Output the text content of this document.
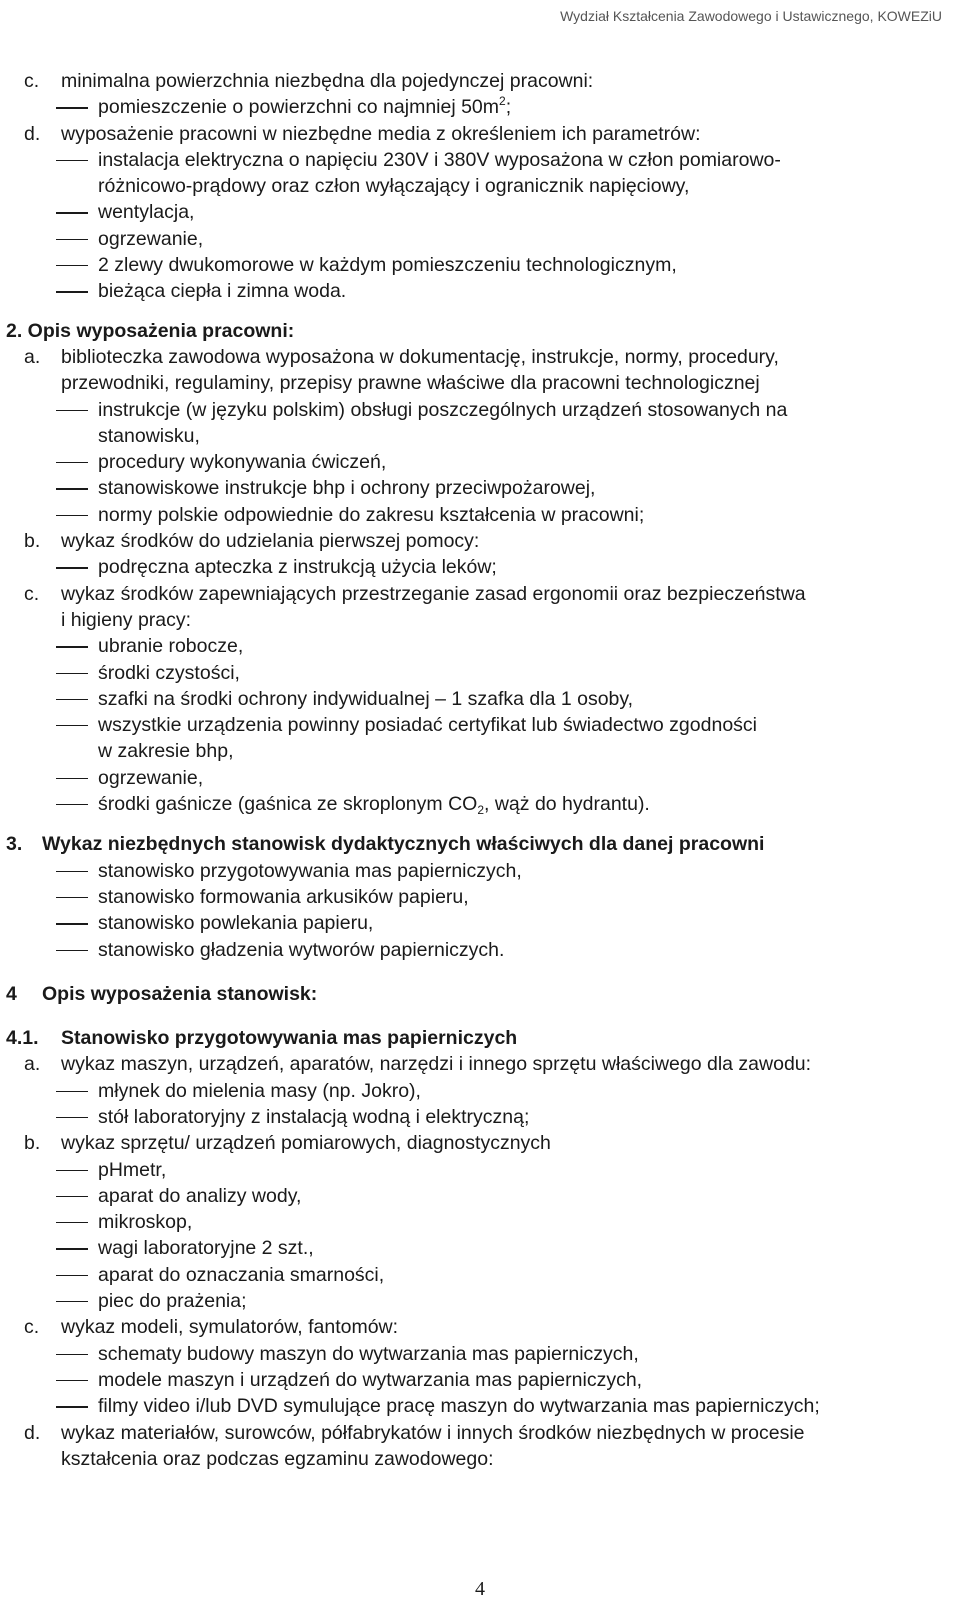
Wydział Kształcenia Zawodowego i Ustawicznego, KOWEZiU
c. minimalna powierzchnia niezbędna dla pojedynczej pracowni:
pomieszczenie o powierzchni co najmniej $50m^2$;
d. wyposażenie pracowni w niezbędne media z określeniem ich parametrów:
instalacja elektryczna o napięciu 230V i 380V wyposażona w człon pomiarowo-
różnicowo-prądowy oraz człon wyłączający i ogranicznik napięciowy,
wentylacja,
ogrzewanie,
2 zlewy dwukomorowe w każdym pomieszczeniu technologicznym,
bieżąca ciepła i zimna woda.
2. Opis wyposażenia pracowni:
a. biblioteczka zawodowa wyposażona w dokumentację, instrukcje, normy, procedury,
przewodniki, regulaminy, przepisy prawne właściwe dla pracowni technologicznej
instrukcje (w języku polskim) obsługi poszczególnych urządzeń stosowanych na
stanowisku,
procedury wykonywania ćwiczeń,
stanowiskowe instrukcje bhp i ochrony przeciwpożarowej,
normy polskie odpowiednie do zakresu kształcenia w pracowni;
b. wykaz środków do udzielania pierwszej pomocy:
podręczna apteczka z instrukcją użycia leków;
c. wykaz środków zapewniających przestrzeganie zasad ergonomii oraz bezpieczeństwa
i higieny pracy:
ubranie robocze,
środki czystości,
szafki na środki ochrony indywidualnej – 1 szafka dla 1 osoby,
wszystkie urządzenia powinny posiadać certyfikat lub świadectwo zgodności
w zakresie bhp,
ogrzewanie,
środki gaśnicze (gaśnica ze skroplonym $CO_2$, wąż do hydrantu).
3. Wykaz niezbędnych stanowisk dydaktycznych właściwych dla danej pracowni
stanowisko przygotowywania mas papierniczych,
stanowisko formowania arkusików papieru,
stanowisko powlekania papieru,
stanowisko gładzenia wytworów papierniczych.
4 Opis wyposażenia stanowisk:
4.1. Stanowisko przygotowywania mas papierniczych
a. wykaz maszyn, urządzeń, aparatów, narzędzi i innego sprzętu właściwego dla zawodu:
młynek do mielenia masy (np. Jokro),
stół laboratoryjny z instalacją wodną i elektryczną;
b. wykaz sprzętu/ urządzeń pomiarowych, diagnostycznych
pHmetr,
aparat do analizy wody,
mikroskop,
wagi laboratoryjne 2 szt.,
aparat do oznaczania smarności,
piec do prażenia;
c. wykaz modeli, symulatorów, fantomów:
schematy budowy maszyn do wytwarzania mas papierniczych,
modele maszyn i urządzeń do wytwarzania mas papierniczych,
filmy video i/lub DVD symulujące pracę maszyn do wytwarzania mas papierniczych;
d. wykaz materiałów, surowców, półfabrykatów i innych środków niezbędnych w procesie
kształcenia oraz podczas egzaminu zawodowego:
4
